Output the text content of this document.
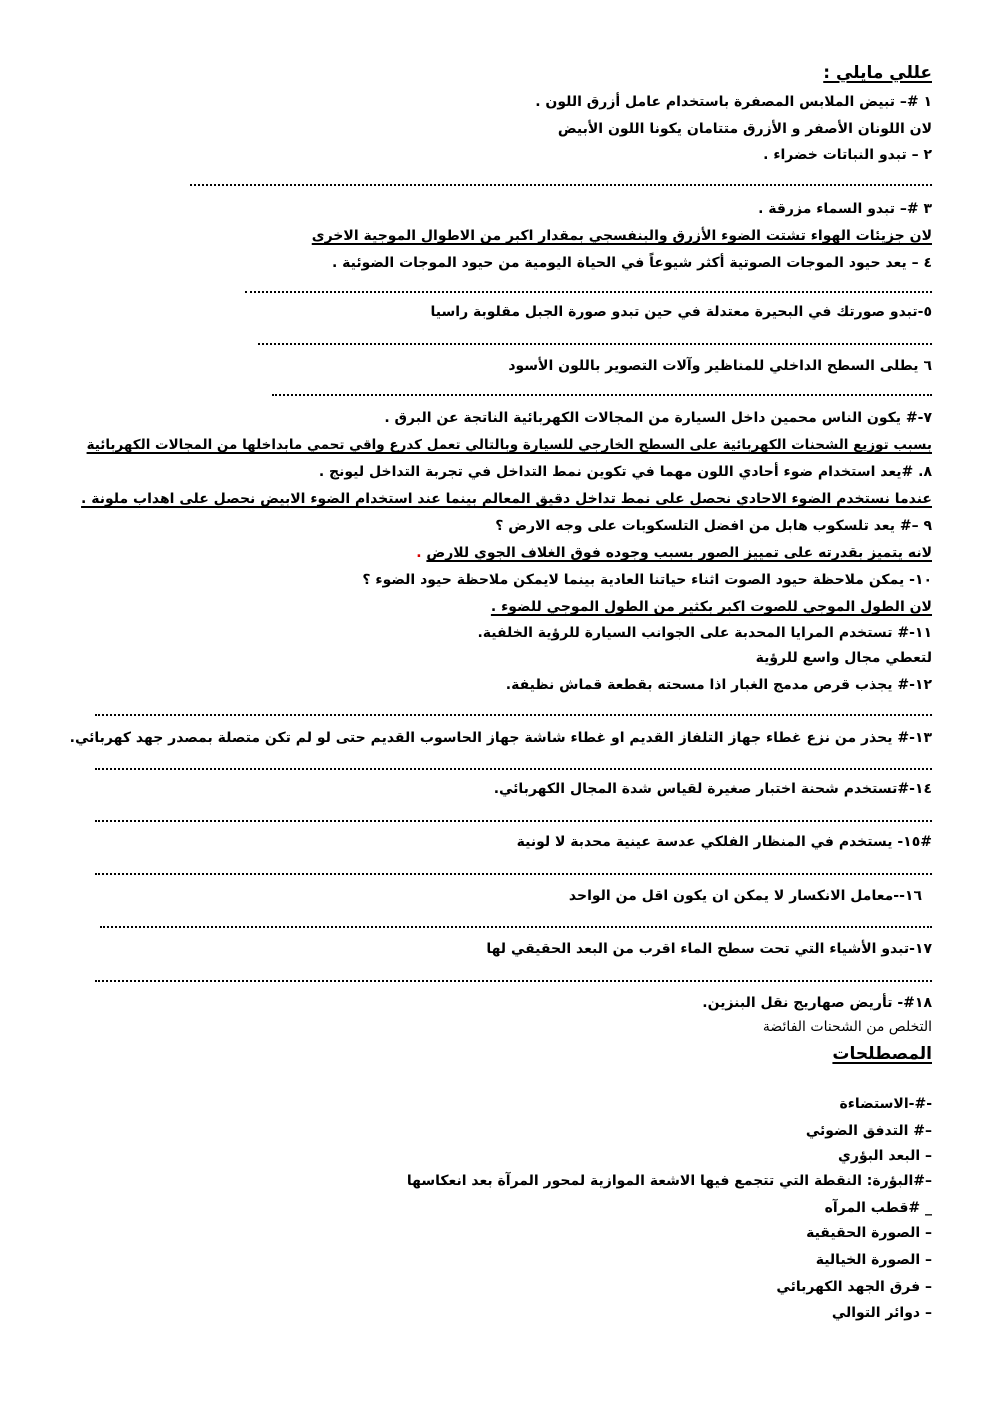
عللي مايلي :
١ #– تبيض الملابس المصفرة باستخدام عامل أزرق اللون .
لان اللونان الأصفر و الأزرق متتامان يكونا اللون الأبيض
٢ – تبدو النباتات خضراء .
٣ #– تبدو السماء مزرقة .
لان جزيئات الهواء تشتت الضوء الأزرق والبنفسجي بمقدار اكبر من الاطوال الموجية الاخرى
٤ – يعد حيود الموجات الصوتية أكثر شيوعاً في الحياة اليومية من حيود الموجات الضوئية .
٥-تبدو صورتك في البحيرة معتدلة في حين تبدو صورة الجبل مقلوبة راسيا
٦ يطلى السطح الداخلي للمناظير وآلات التصوير باللون الأسود
٧-# يكون الناس محمين داخل السيارة من المجالات الكهربائية الناتجة عن البرق .
بسبب توزيع الشحنات الكهربائية على السطح الخارجي للسيارة وبالتالي تعمل كدرع واقي تحمي مابداخلها من المجالات الكهربائية
٨. #يعد استخدام ضوء أحادي اللون مهما في تكوين نمط التداخل في تجربة التداخل ليونج .
عندما نستخدم الضوء الاحادي نحصل على نمط تداخل دقيق المعالم بينما عند استخدام الضوء الابيض نحصل على اهداب ملونة .
٩ –# يعد تلسكوب هابل من افضل التلسكوبات على وجه الارض ؟
لانه يتميز بقدرته على تمييز الصور بسبب وجوده فوق الغلاف الجوي للارض .
١٠- يمكن ملاحظة حيود الصوت اثناء حياتنا العادية بينما لايمكن ملاحظة حيود الضوء ؟
لان الطول الموجي للصوت اكبر بكثير من الطول الموجي للضوء .
١١-# تستخدم المرايا المحدبة على الجوانب السيارة للرؤية الخلفية.
لتعطي مجال واسع للرؤية
١٢-# يجذب قرص مدمج الغبار اذا مسحته بقطعة قماش نظيفة.
١٣-# يحذر من نزع غطاء جهاز التلفاز القديم او غطاء شاشة جهاز الحاسوب القديم حتى لو لم تكن متصلة بمصدر جهد كهربائي.
١٤-#تستخدم شحنة اختبار صغيرة لقياس شدة المجال الكهربائي.
#١٥- يستخدم في المنظار الفلكي عدسة عينية محدبة لا لونية
١٦--معامل الانكسار لا يمكن ان يكون اقل من الواحد
١٧-تبدو الأشياء التي تحت سطح الماء اقرب من البعد الحقيقي لها
١٨#- تأريض صهاريج نقل البنزين.
التخلص من الشحنات الفائضة
المصطلحات
-#-الاستضاءة
–# التدفق الضوئي
– البعد البؤري
–#البؤرة: النقطة التي تتجمع فيها الاشعة الموازية لمحور المرآة بعد انعكاسها
_ #قطب المرآه
– الصورة الحقيقية
– الصورة الخيالية
– فرق الجهد الكهربائي
– دوائر التوالي
